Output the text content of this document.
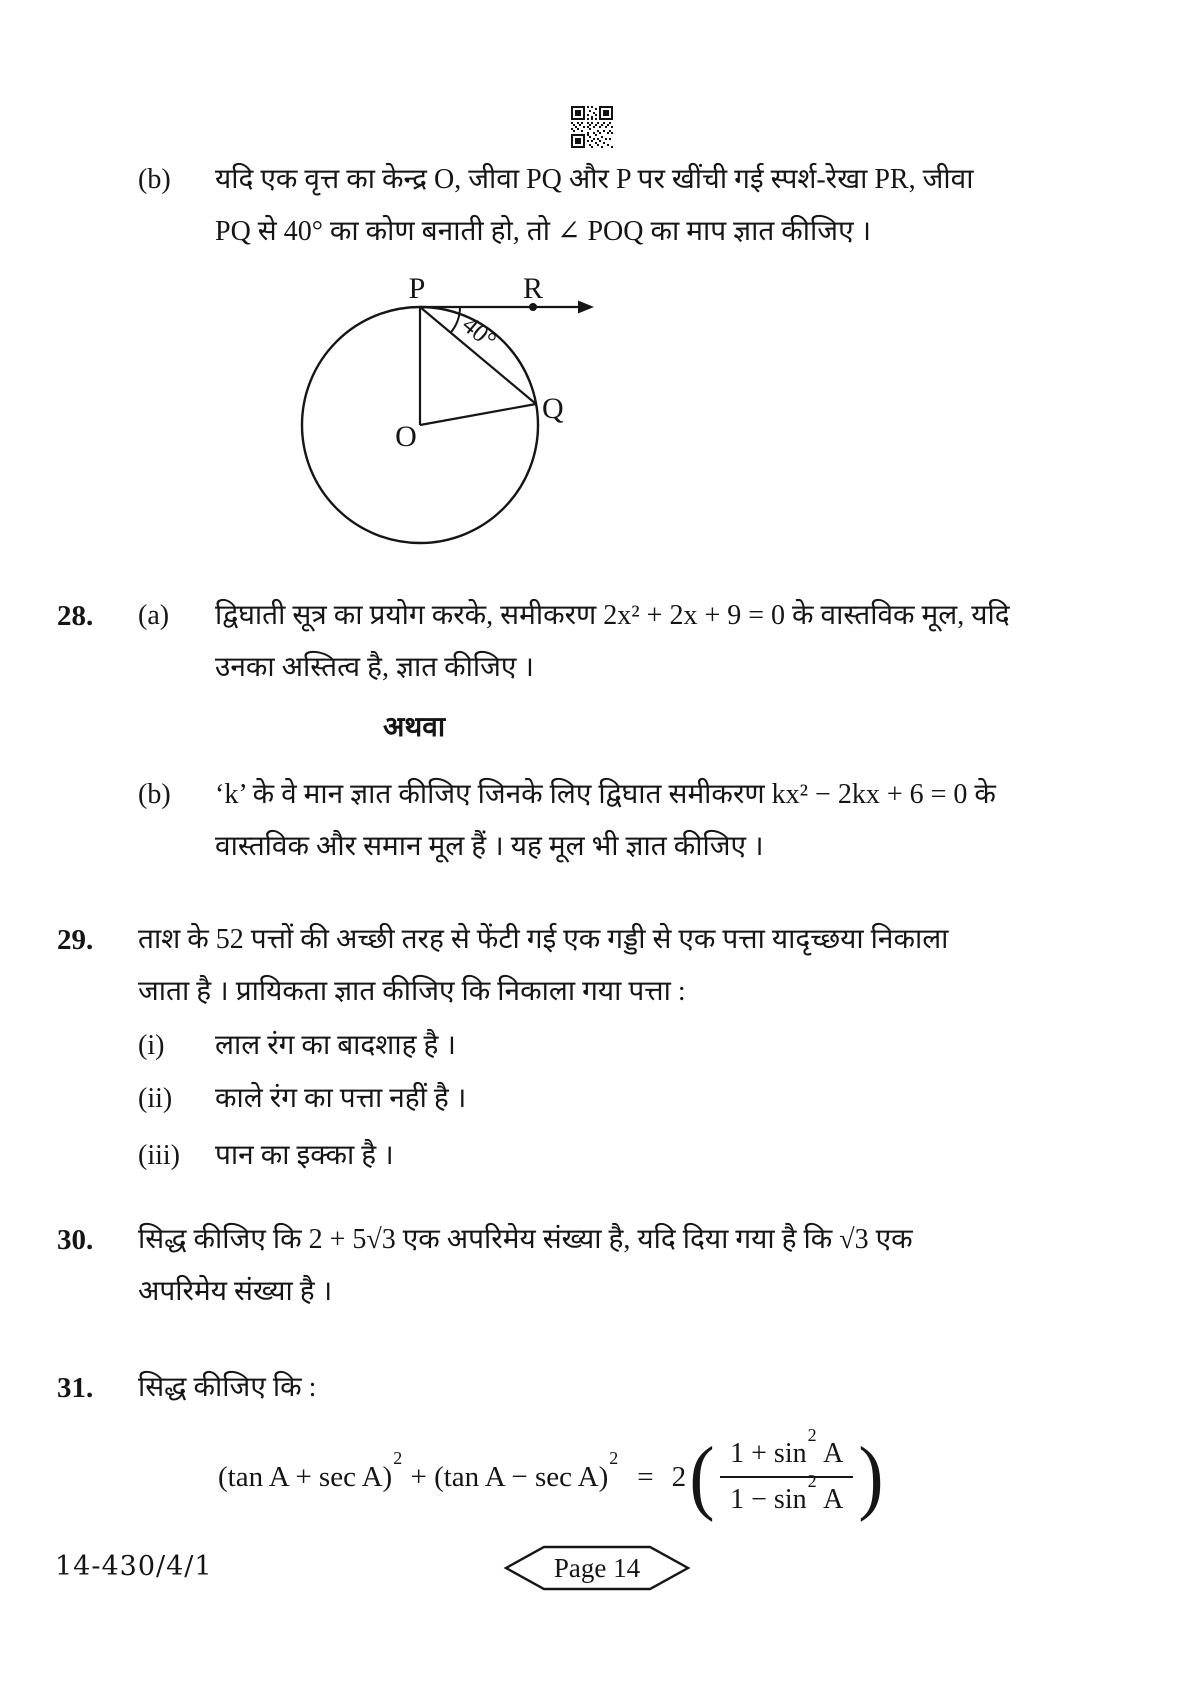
(b) यदि एक वृत्त का केन्द्र O, जीवा PQ और P पर खींची गई स्पर्श-रेखा PR, जीवा
PQ से 40° का कोण बनाती हो, तो ∠ POQ का माप ज्ञात कीजिए ।
P	R
Q
O
40°
28. (a) द्विघाती सूत्र का प्रयोग करके, समीकरण 2x² + 2x + 9 = 0 के वास्तविक मूल, यदि
उनका अस्तित्व है, ज्ञात कीजिए ।
अथवा
(b) ‘k’ के वे मान ज्ञात कीजिए जिनके लिए द्विघात समीकरण kx² − 2kx + 6 = 0 के
वास्तविक और समान मूल हैं । यह मूल भी ज्ञात कीजिए ।
29. ताश के 52 पत्तों की अच्छी तरह से फेंटी गई एक गड्डी से एक पत्ता यादृच्छया निकाला
जाता है । प्रायिकता ज्ञात कीजिए कि निकाला गया पत्ता :
(i) लाल रंग का बादशाह है ।
(ii) काले रंग का पत्ता नहीं है ।
(iii) पान का इक्का है ।
30. सिद्ध कीजिए कि 2 + 5√3 एक अपरिमेय संख्या है, यदि दिया गया है कि √3 एक
अपरिमेय संख्या है ।
31. सिद्ध कीजिए कि :
(tan A + sec A)$^2$ + (tan A − sec A)$^2$
= 2 ( $\frac{1 + \sin^2 A}{1 - \sin^2 A}$ )
14-430/4/1	Page 14
